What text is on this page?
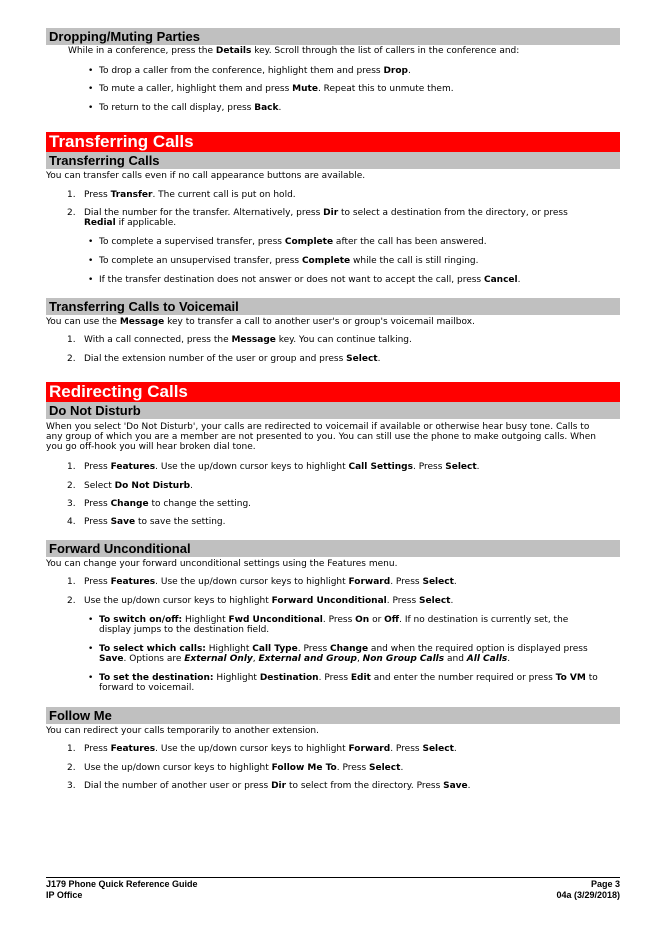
Dropping/Muting Parties
While in a conference, press the Details key. Scroll through the list of callers in the conference and:
• To drop a caller from the conference, highlight them and press Drop.
• To mute a caller, highlight them and press Mute. Repeat this to unmute them.
• To return to the call display, press Back.
Transferring Calls
Transferring Calls
You can transfer calls even if no call appearance buttons are available.
1. Press Transfer. The current call is put on hold.
2. Dial the number for the transfer. Alternatively, press Dir to select a destination from the directory, or press
Redial if applicable.
• To complete a supervised transfer, press Complete after the call has been answered.
• To complete an unsupervised transfer, press Complete while the call is still ringing.
• If the transfer destination does not answer or does not want to accept the call, press Cancel.
Transferring Calls to Voicemail
You can use the Message key to transfer a call to another user's or group's voicemail mailbox.
1. With a call connected, press the Message key. You can continue talking.
2. Dial the extension number of the user or group and press Select.
Redirecting Calls
Do Not Disturb
When you select 'Do Not Disturb', your calls are redirected to voicemail if available or otherwise hear busy tone. Calls to
any group of which you are a member are not presented to you. You can still use the phone to make outgoing calls. When
you go off-hook you will hear broken dial tone.
1. Press Features. Use the up/down cursor keys to highlight Call Settings. Press Select.
2. Select Do Not Disturb.
3. Press Change to change the setting.
4. Press Save to save the setting.
Forward Unconditional
You can change your forward unconditional settings using the Features menu.
1. Press Features. Use the up/down cursor keys to highlight Forward. Press Select.
2. Use the up/down cursor keys to highlight Forward Unconditional. Press Select.
• To switch on/off: Highlight Fwd Unconditional. Press On or Off. If no destination is currently set, the
display jumps to the destination field.
• To select which calls: Highlight Call Type. Press Change and when the required option is displayed press
Save. Options are External Only, External and Group, Non Group Calls and All Calls.
• To set the destination: Highlight Destination. Press Edit and enter the number required or press To VM to
forward to voicemail.
Follow Me
You can redirect your calls temporarily to another extension.
1. Press Features. Use the up/down cursor keys to highlight Forward. Press Select.
2. Use the up/down cursor keys to highlight Follow Me To. Press Select.
3. Dial the number of another user or press Dir to select from the directory. Press Save.
J179 Phone Quick Reference Guide
IP Office
Page 3
04a (3/29/2018)
